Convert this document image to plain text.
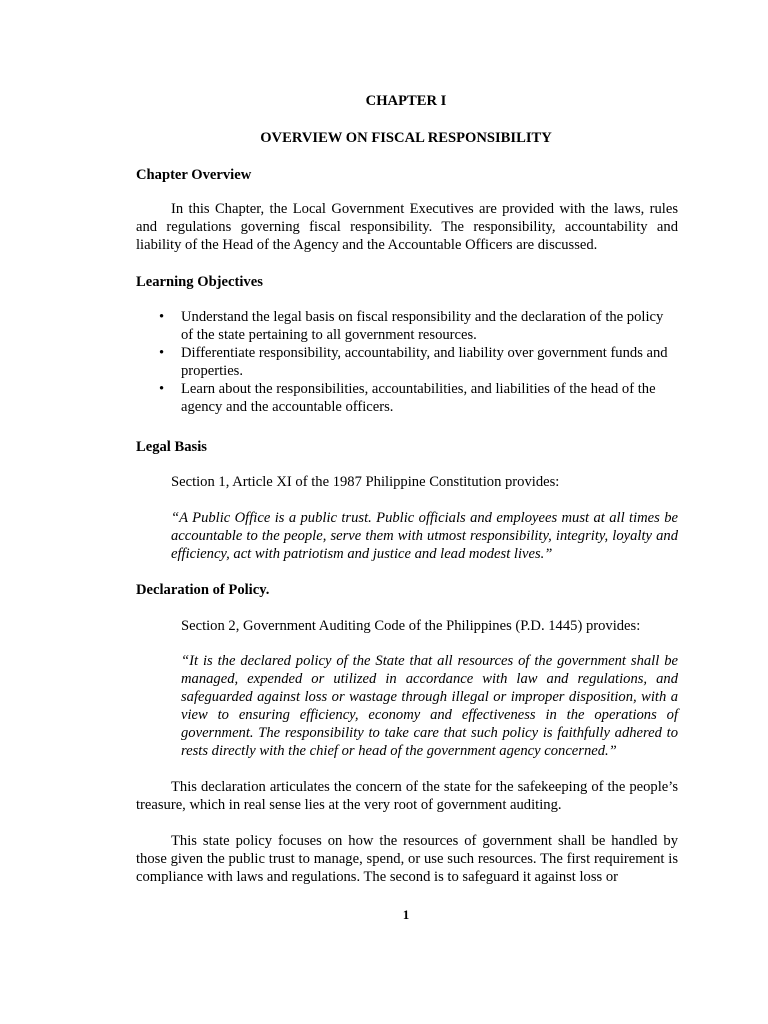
CHAPTER I
OVERVIEW ON FISCAL RESPONSIBILITY
Chapter Overview
In this Chapter, the Local Government Executives are provided with the laws, rules and regulations governing fiscal responsibility. The responsibility, accountability and liability of the Head of the Agency and the Accountable Officers are discussed.
Learning Objectives
• Understand the legal basis on fiscal responsibility and the declaration of the policy of the state pertaining to all government resources.
• Differentiate responsibility, accountability, and liability over government funds and properties.
• Learn about the responsibilities, accountabilities, and liabilities of the head of the agency and the accountable officers.
Legal Basis
Section 1, Article XI of the 1987 Philippine Constitution provides:
“A Public Office is a public trust. Public officials and employees must at all times be accountable to the people, serve them with utmost responsibility, integrity, loyalty and efficiency, act with patriotism and justice and lead modest lives.”
Declaration of Policy.
Section 2, Government Auditing Code of the Philippines (P.D. 1445) provides:
“It is the declared policy of the State that all resources of the government shall be managed, expended or utilized in accordance with law and regulations, and safeguarded against loss or wastage through illegal or improper disposition, with a view to ensuring efficiency, economy and effectiveness in the operations of government. The responsibility to take care that such policy is faithfully adhered to rests directly with the chief or head of the government agency concerned.”
This declaration articulates the concern of the state for the safekeeping of the people’s treasure, which in real sense lies at the very root of government auditing.
This state policy focuses on how the resources of government shall be handled by those given the public trust to manage, spend, or use such resources. The first requirement is compliance with laws and regulations. The second is to safeguard it against loss or
1
